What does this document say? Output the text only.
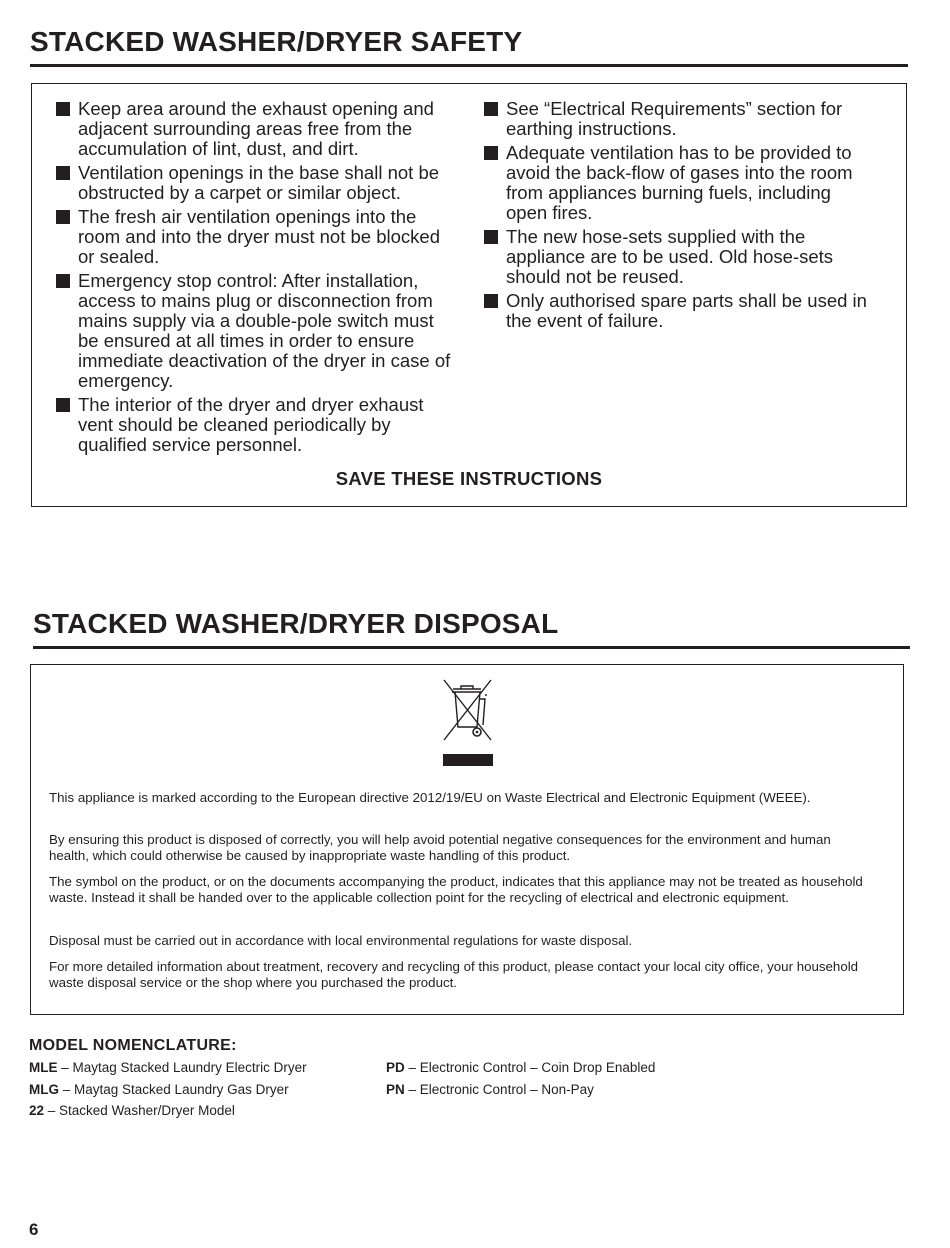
STACKED WASHER/DRYER SAFETY
Keep area around the exhaust opening and adjacent surrounding areas free from the accumulation of lint, dust, and dirt.
Ventilation openings in the base shall not be obstructed by a carpet or similar object.
The fresh air ventilation openings into the room and into the dryer must not be blocked or sealed.
Emergency stop control: After installation, access to mains plug or disconnection from mains supply via a double-pole switch must be ensured at all times in order to ensure immediate deactivation of the dryer in case of emergency.
The interior of the dryer and dryer exhaust vent should be cleaned periodically by qualified service personnel.
See “Electrical Requirements” section for earthing instructions.
Adequate ventilation has to be provided to avoid the back-flow of gases into the room from appliances burning fuels, including open fires.
The new hose-sets supplied with the appliance are to be used. Old hose-sets should not be reused.
Only authorised spare parts shall be used in the event of failure.
SAVE THESE INSTRUCTIONS
STACKED WASHER/DRYER DISPOSAL

This appliance is marked according to the European directive 2012/19/EU on Waste Electrical and Electronic Equipment (WEEE).

By ensuring this product is disposed of correctly, you will help avoid potential negative consequences for the environment and human health, which could otherwise be caused by inappropriate waste handling of this product.

The symbol on the product, or on the documents accompanying the product, indicates that this appliance may not be treated as household waste. Instead it shall be handed over to the applicable collection point for the recycling of electrical and electronic equipment.

Disposal must be carried out in accordance with local environmental regulations for waste disposal.

For more detailed information about treatment, recovery and recycling of this product, please contact your local city office, your household waste disposal service or the shop where you purchased the product.

MODEL NOMENCLATURE:

MLE – Maytag Stacked Laundry Electric Dryer

MLG – Maytag Stacked Laundry Gas Dryer

22 – Stacked Washer/Dryer Model

PD – Electronic Control – Coin Drop Enabled

PN – Electronic Control – Non-Pay

6
